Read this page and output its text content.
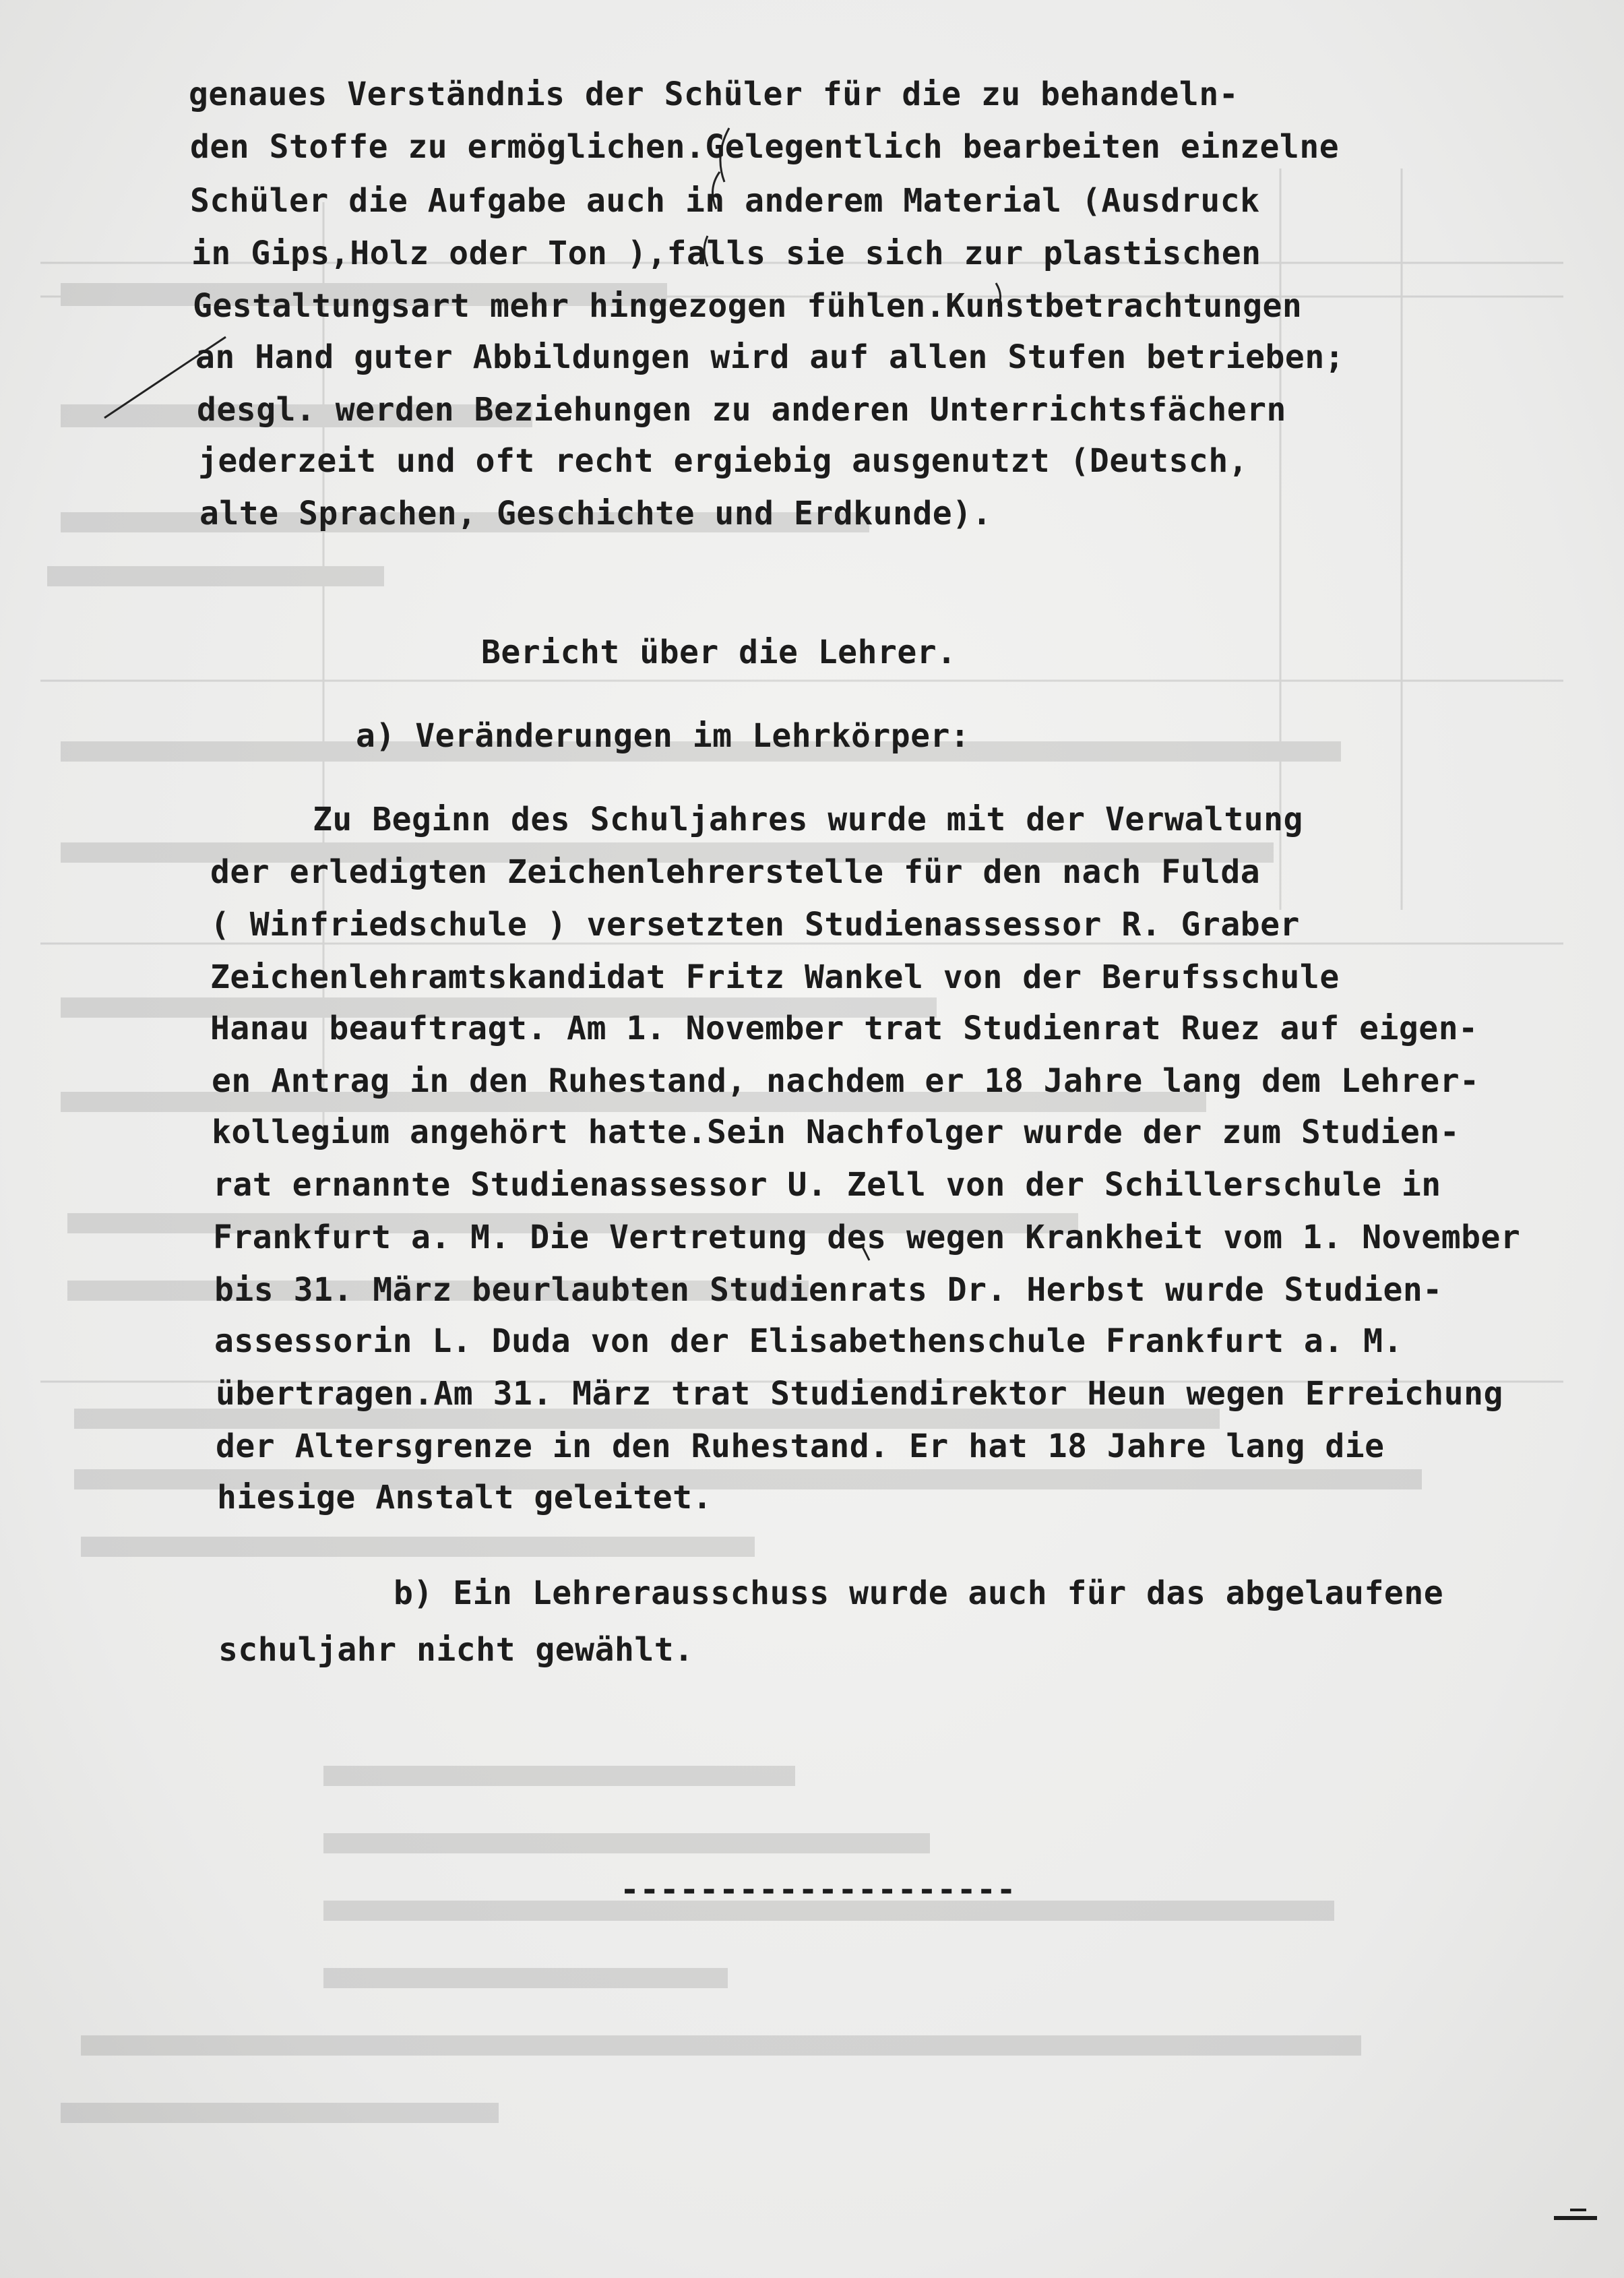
genaues Verständnis der Schüler für die zu behandeln-
den Stoffe zu ermöglichen.Gelegentlich bearbeiten einzelne
Schüler die Aufgabe auch in anderem Material (Ausdruck
in Gips,Holz oder Ton ),falls sie sich zur plastischen
Gestaltungsart mehr hingezogen fühlen.Kunstbetrachtungen
an Hand guter Abbildungen wird auf allen Stufen betrieben;
desgl. werden Beziehungen zu anderen Unterrichtsfächern
jederzeit und oft recht ergiebig ausgenutzt (Deutsch,
alte Sprachen, Geschichte und Erdkunde).
Bericht über die Lehrer.
a) Veränderungen im Lehrkörper:
Zu Beginn des Schuljahres wurde mit der Verwaltung
der erledigten Zeichenlehrerstelle für den nach Fulda
( Winfriedschule ) versetzten Studienassessor R. Graber
Zeichenlehramtskandidat Fritz Wankel von der Berufsschule
Hanau beauftragt. Am 1. November trat Studienrat Ruez auf eigen-
en Antrag in den Ruhestand, nachdem er 18 Jahre lang dem Lehrer-
kollegium angehört hatte.Sein Nachfolger wurde der zum Studien-
rat ernannte Studienassessor U. Zell von der Schillerschule in
Frankfurt a. M. Die Vertretung des wegen Krankheit vom 1. November
bis 31. März beurlaubten Studienrats Dr. Herbst wurde Studien-
assessorin L. Duda von der Elisabethenschule Frankfurt a. M.
übertragen.Am 31. März trat Studiendirektor Heun wegen Erreichung
der Altersgrenze in den Ruhestand. Er hat 18 Jahre lang die
hiesige Anstalt geleitet.
b) Ein Lehrerausschuss wurde auch für das abgelaufene
schuljahr nicht gewählt.
--------------------
